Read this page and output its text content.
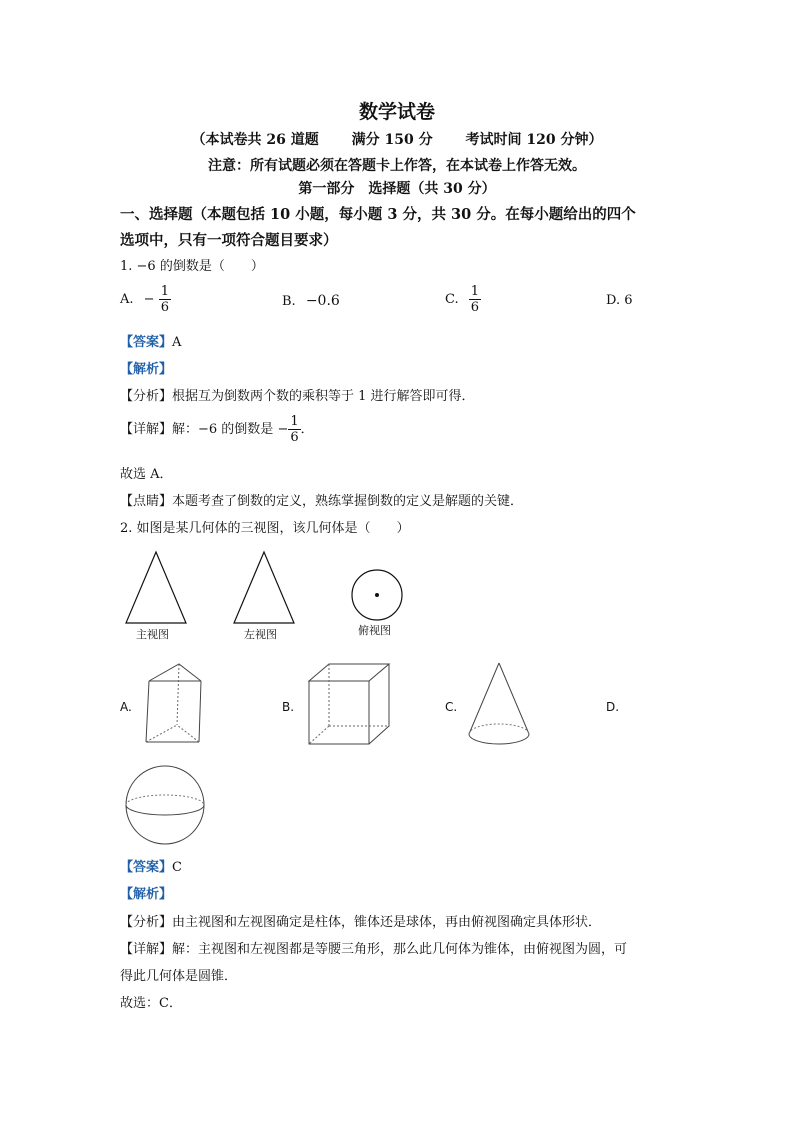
数学试卷
（本试卷共 26 道题 满分 150 分 考试时间 120 分钟）
注意：所有试题必须在答题卡上作答，在本试卷上作答无效。
第一部分　选择题（共 30 分）
一、选择题（本题包括 10 小题，每小题 3 分，共 30 分。在每小题给出的四个
选项中，只有一项符合题目要求）
1. −6 的倒数是（　　）
A. − $\frac{1}{6}$	B. −0.6	C. $\frac{1}{6}$	D. 6
【答案】A
【解析】
【分析】根据互为倒数两个数的乘积等于 1 进行解答即可得．
【详解】解：−6 的倒数是 − $\frac{1}{6}$ ．
故选 A．
【点睛】本题考查了倒数的定义，熟练掌握倒数的定义是解题的关键．
2. 如图是某几何体的三视图，该几何体是（　　）
主视图	左视图	俯视图
A.	B.	C.	D.
【答案】C
【解析】
【分析】由主视图和左视图确定是柱体，锥体还是球体，再由俯视图确定具体形状．
【详解】解：主视图和左视图都是等腰三角形，那么此几何体为锥体，由俯视图为圆，可
得此几何体是圆锥．
故选：C．
